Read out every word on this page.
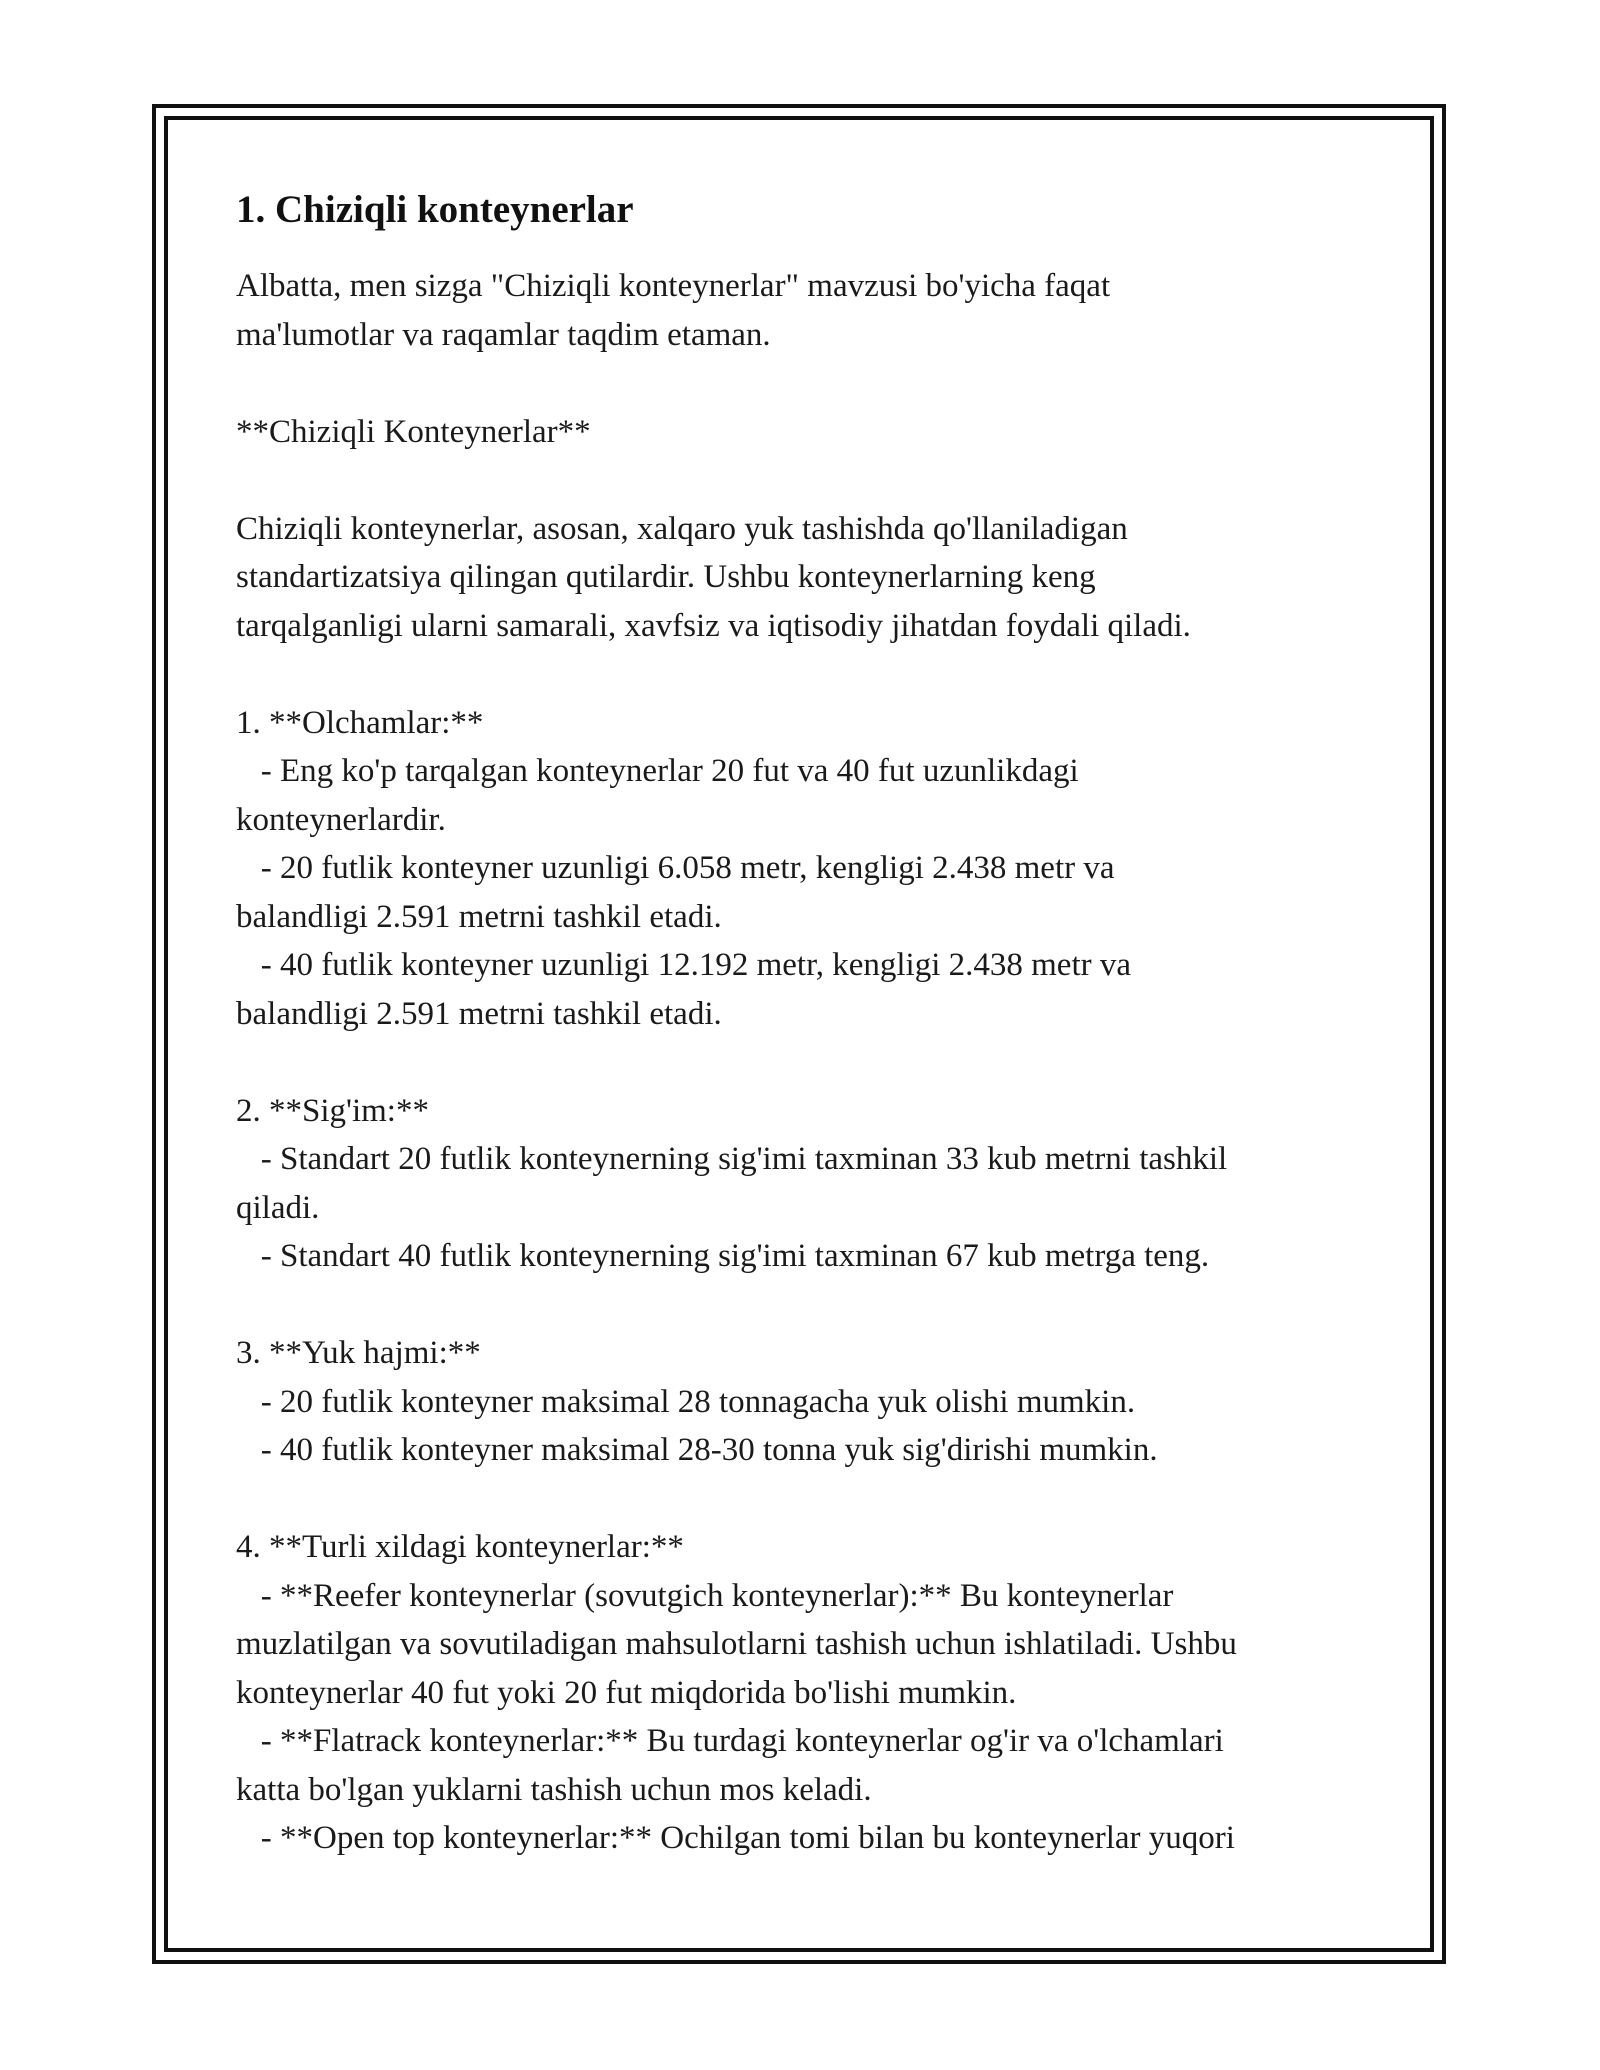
1. Chiziqli konteynerlar

Albatta, men sizga "Chiziqli konteynerlar" mavzusi bo'yicha faqat
ma'lumotlar va raqamlar taqdim etaman.

**Chiziqli Konteynerlar**

Chiziqli konteynerlar, asosan, xalqaro yuk tashishda qo'llaniladigan
standartizatsiya qilingan qutilardir. Ushbu konteynerlarning keng
tarqalganligi ularni samarali, xavfsiz va iqtisodiy jihatdan foydali qiladi.

1. **Olchamlar:**
- Eng ko'p tarqalgan konteynerlar 20 fut va 40 fut uzunlikdagi
konteynerlardir.
- 20 futlik konteyner uzunligi 6.058 metr, kengligi 2.438 metr va
balandligi 2.591 metrni tashkil etadi.
- 40 futlik konteyner uzunligi 12.192 metr, kengligi 2.438 metr va
balandligi 2.591 metrni tashkil etadi.

2. **Sig'im:**
- Standart 20 futlik konteynerning sig'imi taxminan 33 kub metrni tashkil
qiladi.
- Standart 40 futlik konteynerning sig'imi taxminan 67 kub metrga teng.

3. **Yuk hajmi:**
- 20 futlik konteyner maksimal 28 tonnagacha yuk olishi mumkin.
- 40 futlik konteyner maksimal 28-30 tonna yuk sig'dirishi mumkin.

4. **Turli xildagi konteynerlar:**
- **Reefer konteynerlar (sovutgich konteynerlar):** Bu konteynerlar
muzlatilgan va sovutiladigan mahsulotlarni tashish uchun ishlatiladi. Ushbu
konteynerlar 40 fut yoki 20 fut miqdorida bo'lishi mumkin.
- **Flatrack konteynerlar:** Bu turdagi konteynerlar og'ir va o'lchamlari
katta bo'lgan yuklarni tashish uchun mos keladi.
- **Open top konteynerlar:** Ochilgan tomi bilan bu konteynerlar yuqori
